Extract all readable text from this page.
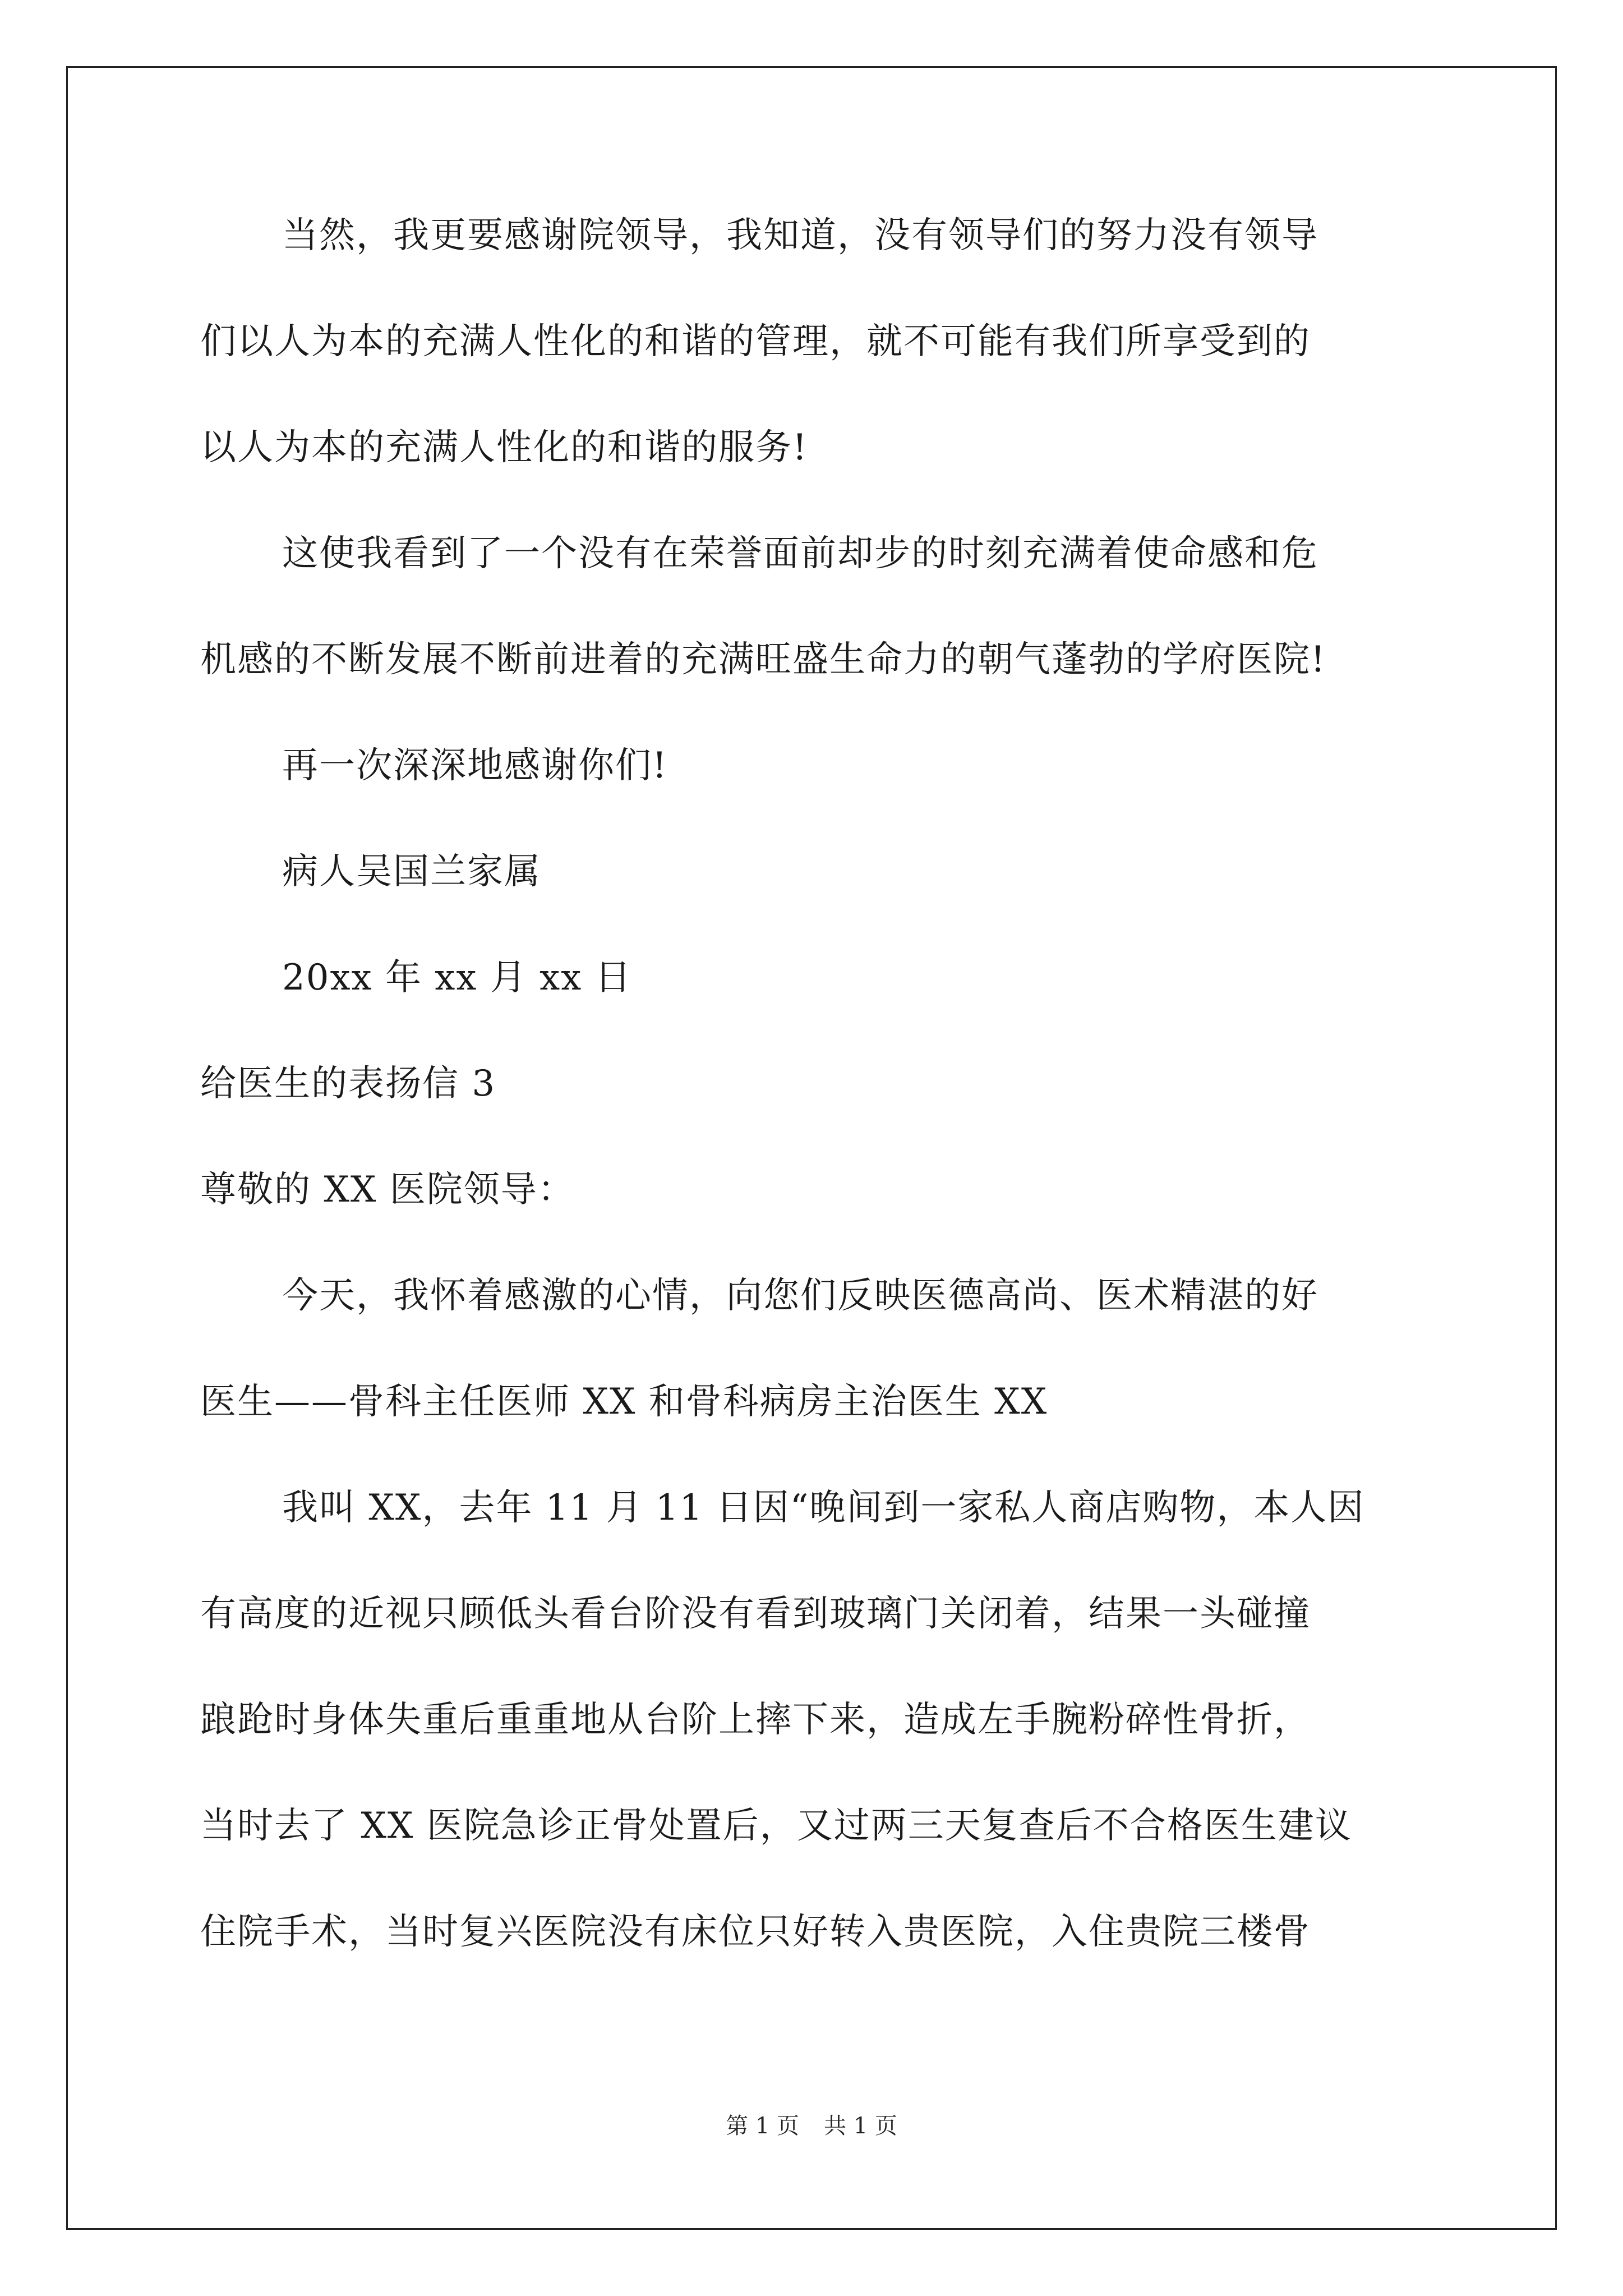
当然，我更要感谢院领导，我知道，没有领导们的努力没有领导
们以人为本的充满人性化的和谐的管理，就不可能有我们所享受到的
以人为本的充满人性化的和谐的服务!
这使我看到了一个没有在荣誉面前却步的时刻充满着使命感和危
机感的不断发展不断前进着的充满旺盛生命力的朝气蓬勃的学府医院!
再一次深深地感谢你们!
病人吴国兰家属
20xx 年 xx 月 xx 日
给医生的表扬信 3
尊敬的 XX 医院领导：
今天，我怀着感激的心情，向您们反映医德高尚、医术精湛的好
医生——骨科主任医师 XX 和骨科病房主治医生 XX
我叫 XX，去年 11 月 11 日因“晚间到一家私人商店购物，本人因
有高度的近视只顾低头看台阶没有看到玻璃门关闭着，结果一头碰撞
踉跄时身体失重后重重地从台阶上摔下来，造成左手腕粉碎性骨折，
当时去了 XX 医院急诊正骨处置后，又过两三天复查后不合格医生建议
住院手术，当时复兴医院没有床位只好转入贵医院，入住贵院三楼骨
第 1 页 共 1 页
